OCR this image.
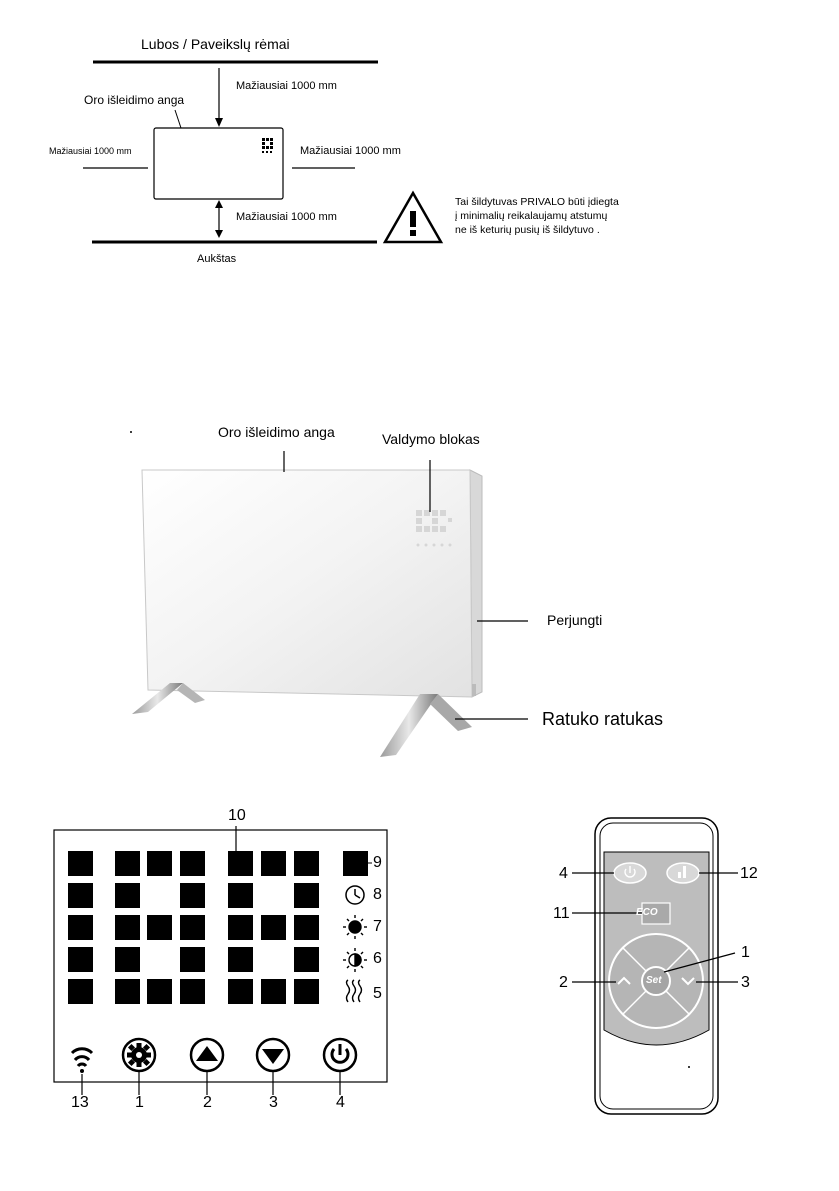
Lubos / Paveikslų rėmai
Oro išleidimo anga
Mažiausiai 1000 mm
Mažiausiai 1000 mm	Mažiausiai 1000 mm
Mažiausiai 1000 mm
Aukštas
Tai šildytuvas PRIVALO būti įdiegta
į minimalių reikalaujamų atstumų
ne iš keturių pusių iš šildytuvo .
Oro išleidimo anga	Valdymo blokas
Perjungti
Ratuko ratukas
10
9
8
7
6
5
13	1	2	3	4
ECO
Set
4	12
11
1
2	3
